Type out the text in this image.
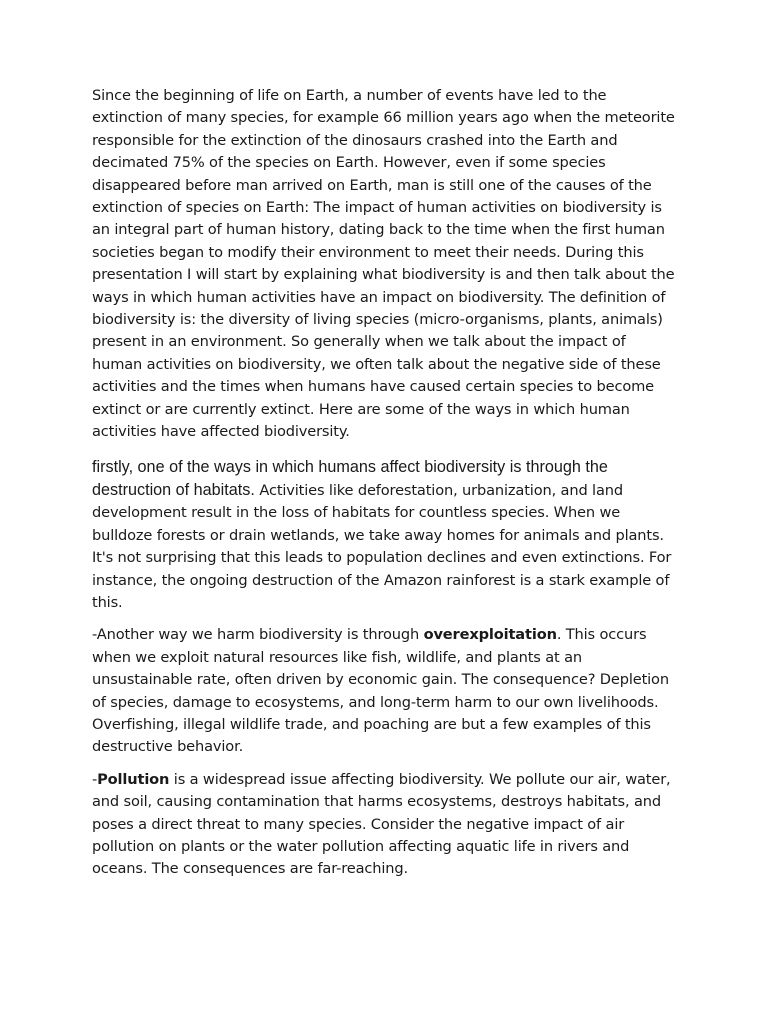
Since the beginning of life on Earth, a number of events have led to the extinction of many species, for example 66 million years ago when the meteorite responsible for the extinction of the dinosaurs crashed into the Earth and decimated 75% of the species on Earth. However, even if some species disappeared before man arrived on Earth, man is still one of the causes of the extinction of species on Earth: The impact of human activities on biodiversity is an integral part of human history, dating back to the time when the first human societies began to modify their environment to meet their needs. During this presentation I will start by explaining what biodiversity is and then talk about the ways in which human activities have an impact on biodiversity. The definition of biodiversity is: the diversity of living species (micro-organisms, plants, animals) present in an environment. So generally when we talk about the impact of human activities on biodiversity, we often talk about the negative side of these activities and the times when humans have caused certain species to become extinct or are currently extinct. Here are some of the ways in which human activities have affected biodiversity.

firstly, one of the ways in which humans affect biodiversity is through the destruction of habitats. Activities like deforestation, urbanization, and land development result in the loss of habitats for countless species. When we bulldoze forests or drain wetlands, we take away homes for animals and plants. It's not surprising that this leads to population declines and even extinctions. For instance, the ongoing destruction of the Amazon rainforest is a stark example of this.

-Another way we harm biodiversity is through overexploitation. This occurs when we exploit natural resources like fish, wildlife, and plants at an unsustainable rate, often driven by economic gain. The consequence? Depletion of species, damage to ecosystems, and long-term harm to our own livelihoods. Overfishing, illegal wildlife trade, and poaching are but a few examples of this destructive behavior.

-Pollution is a widespread issue affecting biodiversity. We pollute our air, water, and soil, causing contamination that harms ecosystems, destroys habitats, and poses a direct threat to many species. Consider the negative impact of air pollution on plants or the water pollution affecting aquatic life in rivers and oceans. The consequences are far-reaching.
